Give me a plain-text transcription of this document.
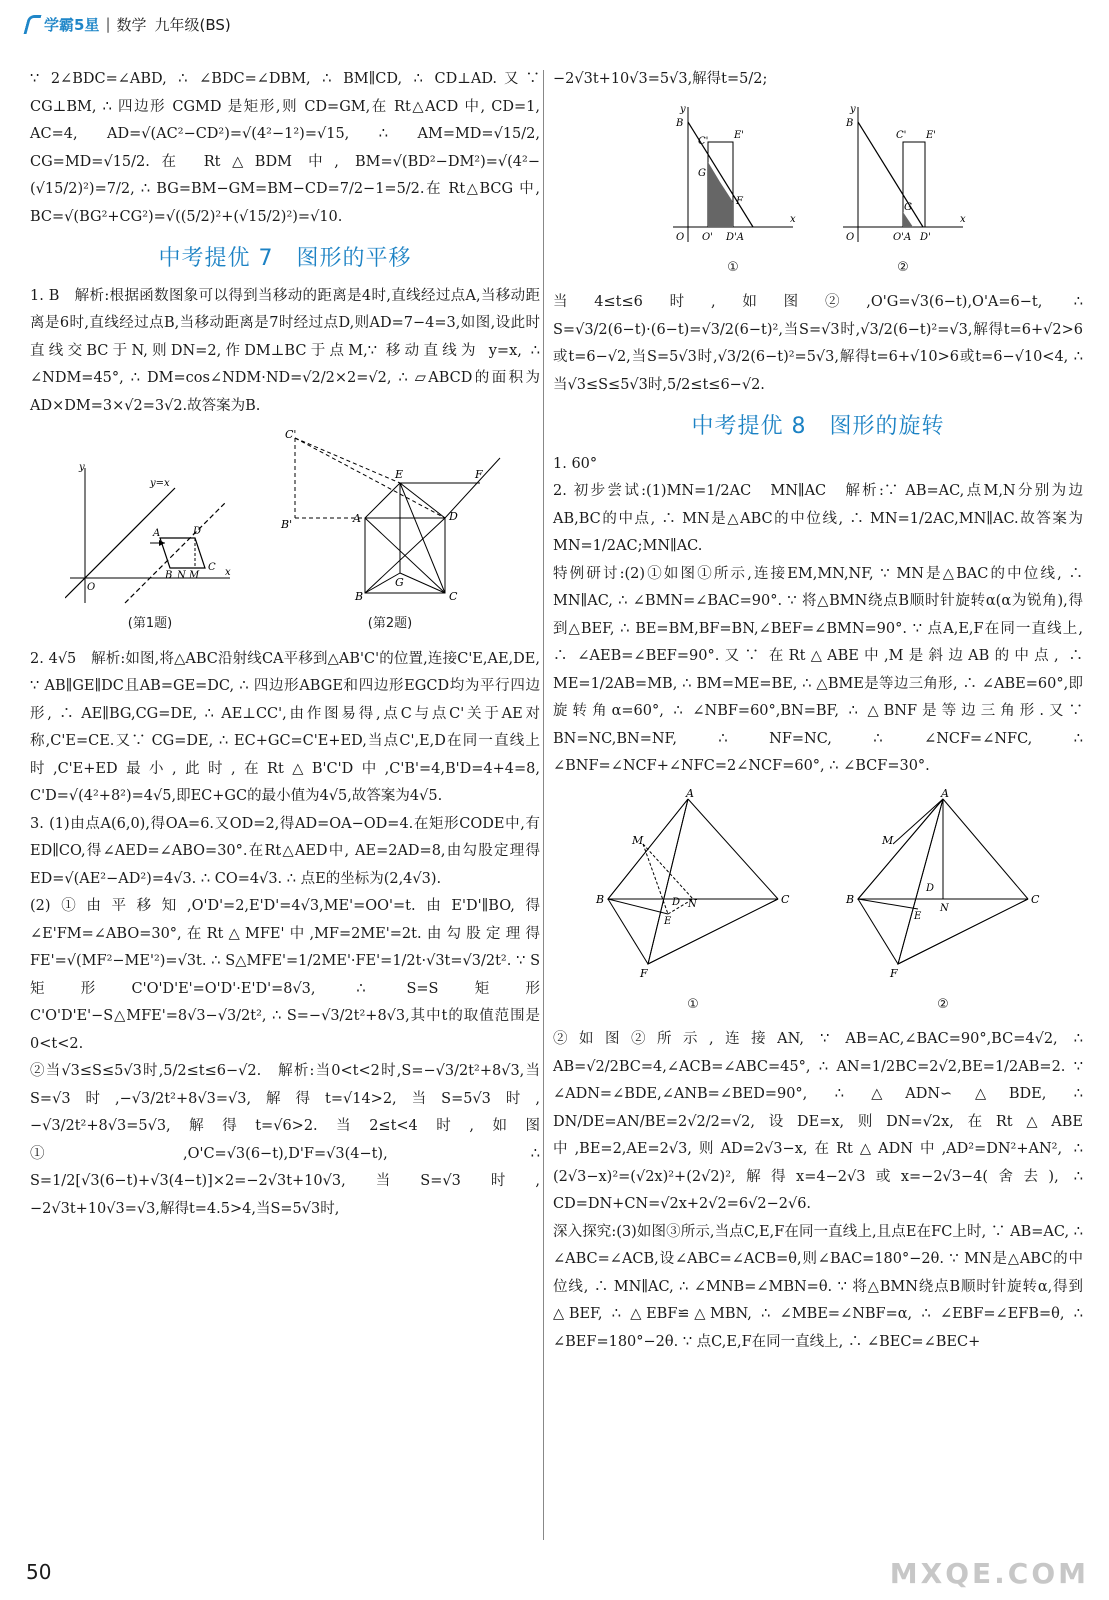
学霸5星 | 数学 九年级(BS)

∵ 2∠BDC=∠ABD, ∴ ∠BDC=∠DBM, ∴ BM∥CD, ∴ CD⊥AD.又∵ CG⊥BM, ∴ 四边形 CGMD 是矩形,则 CD=GM,在 Rt△ACD 中, CD=1, AC=4, AD=√(AC²−CD²)=√(4²−1²)=√15, ∴ AM=MD=√15/2, CG=MD=√15/2.在 Rt△BDM 中, BM=√(BD²−DM²)=√(4²−(√15/2)²)=7/2, ∴ BG=BM−GM=BM−CD=7/2−1=5/2.在 Rt△BCG 中, BC=√(BG²+CG²)=√((5/2)²+(√15/2)²)=√10.

中考提优 7　图形的平移

1. B　解析:根据函数图象可以得到当移动的距离是4时,直线经过点A,当移动距离是6时,直线经过点B,当移动距离是7时经过点D,则AD=7−4=3,如图,设此时直线交BC于N,则DN=2,作DM⊥BC于点M,∵ 移动直线为 y=x, ∴ ∠NDM=45°, ∴ DM=cos∠NDM·ND=√2/2×2=√2, ∴ ▱ABCD的面积为AD×DM=3×√2=3√2.故答案为B.

y=x
y
x
O
A	D
B N M
C
(第1题)
C'
B'	A
E	F
D
G
B	C
(第2题)

2. 4√5　解析:如图,将△ABC沿射线CA平移到△AB'C'的位置,连接C'E,AE,DE, ∵ AB∥GE∥DC且AB=GE=DC, ∴ 四边形ABGE和四边形EGCD均为平行四边形, ∴ AE∥BG,CG=DE, ∴ AE⊥CC',由作图易得,点C与点C'关于AE对称,C'E=CE.又∵ CG=DE, ∴ EC+GC=C'E+ED,当点C',E,D在同一直线上时,C'E+ED最小,此时,在Rt△B'C'D中,C'B'=4,B'D=4+4=8, C'D=√(4²+8²)=4√5,即EC+GC的最小值为4√5,故答案为4√5.

3. (1)由点A(6,0),得OA=6.又OD=2,得AD=OA−OD=4.在矩形CODE中,有ED∥CO,得∠AED=∠ABO=30°.在Rt△AED中, AE=2AD=8,由勾股定理得ED=√(AE²−AD²)=4√3. ∴ CO=4√3. ∴ 点E的坐标为(2,4√3).

(2)①由平移知,O'D'=2,E'D'=4√3,ME'=OO'=t.由E'D'∥BO,得∠E'FM=∠ABO=30°,在Rt△MFE'中,MF=2ME'=2t.由勾股定理得FE'=√(MF²−ME'²)=√3t. ∴ S△MFE'=1/2ME'·FE'=1/2t·√3t=√3/2t². ∵ S矩形C'O'D'E'=O'D'·E'D'=8√3, ∴ S=S矩形C'O'D'E'−S△MFE'=8√3−√3/2t², ∴ S=−√3/2t²+8√3,其中t的取值范围是0<t<2.

②当√3≤S≤5√3时,5/2≤t≤6−√2.　解析:当0<t<2时,S=−√3/2t²+8√3,当S=√3时,−√3/2t²+8√3=√3,解得t=√14>2,当S=5√3时,−√3/2t²+8√3=5√3,解得t=√6>2.当2≤t<4时,如图①,O'C=√3(6−t),D'F=√3(4−t), ∴ S=1/2[√3(6−t)+√3(4−t)]×2=−2√3t+10√3,当S=√3时,−2√3t+10√3=√3,解得t=4.5>4,当S=5√3时,

−2√3t+10√3=5√3,解得t=5/2;

y
B
C'
E'
G
F
x
O O' D'A
①
y
B
C' E'
G
x
O	O'A D'
②

当4≤t≤6时,如图②,O'G=√3(6−t),O'A=6−t, ∴ S=√3/2(6−t)·(6−t)=√3/2(6−t)²,当S=√3时,√3/2(6−t)²=√3,解得t=6+√2>6或t=6−√2,当S=5√3时,√3/2(6−t)²=5√3,解得t=6+√10>6或t=6−√10<4, ∴ 当√3≤S≤5√3时,5/2≤t≤6−√2.

中考提优 8　图形的旋转

1. 60°

2. 初步尝试:(1)MN=1/2AC　MN∥AC　解析:∵ AB=AC,点M,N分别为边AB,BC的中点, ∴ MN是△ABC的中位线, ∴ MN=1/2AC,MN∥AC.故答案为MN=1/2AC;MN∥AC.

特例研讨:(2)①如图①所示,连接EM,MN,NF, ∵ MN是△BAC的中位线, ∴ MN∥AC, ∴ ∠BMN=∠BAC=90°. ∵ 将△BMN绕点B顺时针旋转α(α为锐角),得到△BEF, ∴ BE=BM,BF=BN,∠BEF=∠BMN=90°. ∵ 点A,E,F在同一直线上, ∴ ∠AEB=∠BEF=90°.又∵ 在Rt△ABE中,M是斜边AB的中点, ∴ ME=1/2AB=MB, ∴ BM=ME=BE, ∴ △BME是等边三角形, ∴ ∠ABE=60°,即旋转角α=60°, ∴ ∠NBF=60°,BN=BF, ∴ △BNF是等边三角形.又∵ BN=NC,BN=NF, ∴ NF=NC, ∴ ∠NCF=∠NFC, ∴ ∠BNF=∠NCF+∠NFC=2∠NCF=60°, ∴ ∠BCF=30°.

A
M
B	C
D N
E
F
①
A
M
B	C
D
N
E
F
②

②如图②所示,连接AN, ∵ AB=AC,∠BAC=90°,BC=4√2, ∴ AB=√2/2BC=4,∠ACB=∠ABC=45°, ∴ AN=1/2BC=2√2,BE=1/2AB=2. ∵ ∠ADN=∠BDE,∠ANB=∠BED=90°, ∴ △ADN∽△BDE, ∴ DN/DE=AN/BE=2√2/2=√2,设DE=x,则DN=√2x,在Rt△ABE中,BE=2,AE=2√3,则AD=2√3−x,在Rt△ADN中,AD²=DN²+AN², ∴ (2√3−x)²=(√2x)²+(2√2)²,解得x=4−2√3或x=−2√3−4(舍去), ∴ CD=DN+CN=√2x+2√2=6√2−2√6.

深入探究:(3)如图③所示,当点C,E,F在同一直线上,且点E在FC上时, ∵ AB=AC, ∴ ∠ABC=∠ACB,设∠ABC=∠ACB=θ,则∠BAC=180°−2θ. ∵ MN是△ABC的中位线, ∴ MN∥AC, ∴ ∠MNB=∠MBN=θ. ∵ 将△BMN绕点B顺时针旋转α,得到△BEF, ∴ △EBF≌△MBN, ∴ ∠MBE=∠NBF=α, ∴ ∠EBF=∠EFB=θ, ∴ ∠BEF=180°−2θ. ∵ 点C,E,F在同一直线上, ∴ ∠BEC=∠BEC+

50	MXQE.COM
